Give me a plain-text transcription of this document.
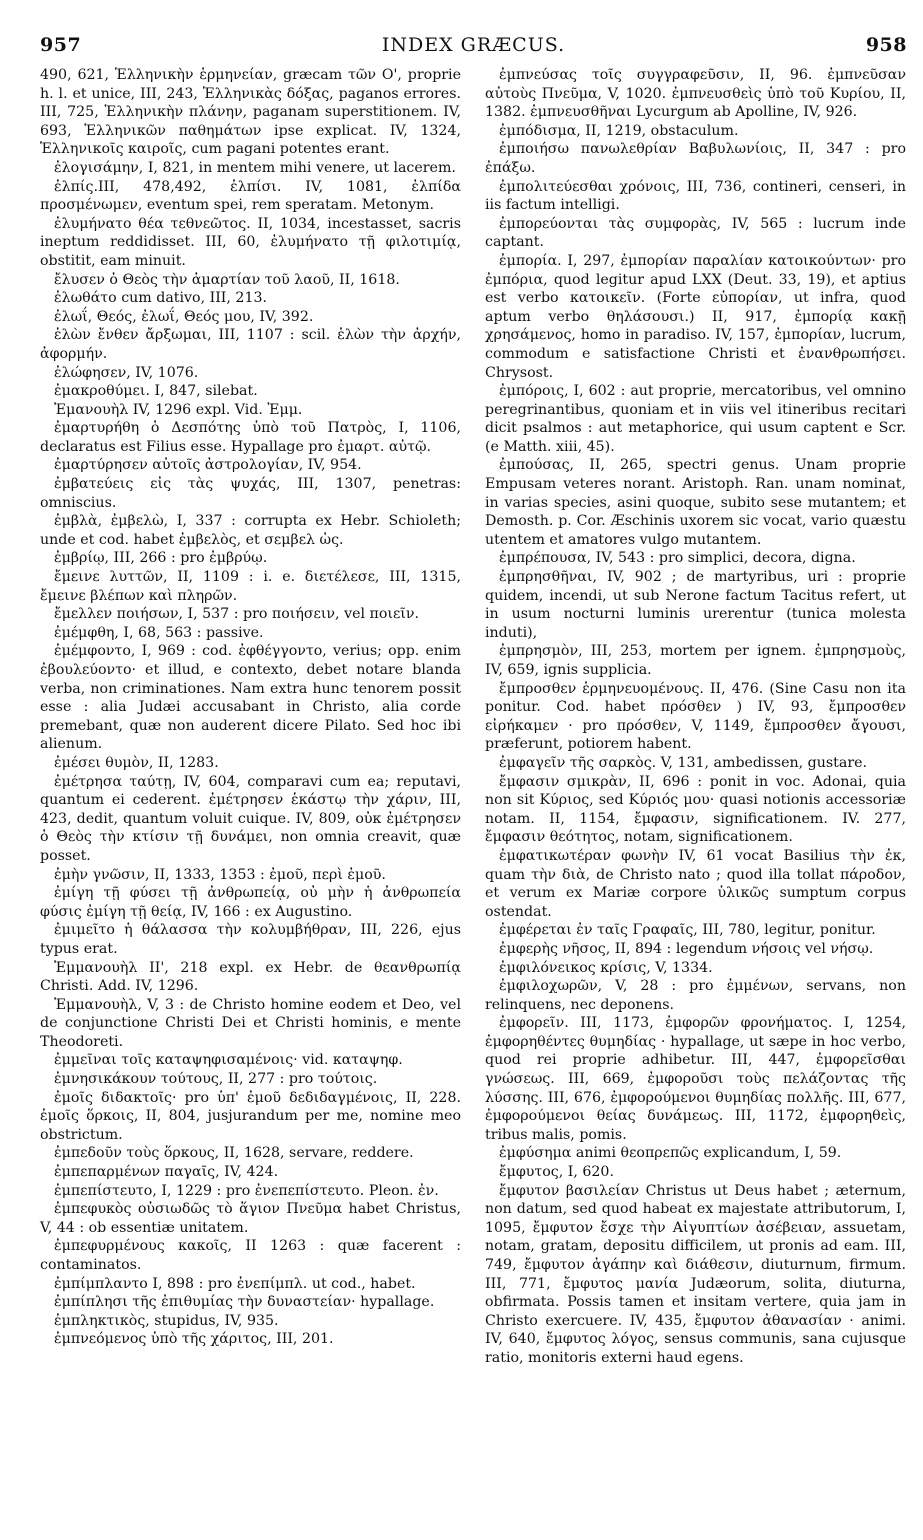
957	INDEX GRÆCUS.	958

490, 621, Ἑλληνικὴν ἑρμηνείαν, græcam τῶν Ο', proprie h. l. et unice, III, 243, Ἑλληνικὰς δόξας, paganos errores. III, 725, Ἑλληνικὴν πλάνην, paganam superstitionem. IV, 693, Ἑλληνικῶν παθημάτων ipse explicat. IV, 1324, Ἑλληνικοῖς καιροῖς, cum pagani potentes erant.

ἐλογισάμην, I, 821, in mentem mihi venere, ut lacerem.

ἐλπίς.III, 478,492, ἐλπίσι. IV, 1081, ἐλπίδα προσμένωμεν, eventum spei, rem speratam. Metonym.

ἐλυμήνατο θέα τεθνεῶτος. II, 1034, incestasset, sacris ineptum reddidisset. III, 60, ἐλυμήνατο τῇ φιλοτιμίᾳ, obstitit, eam minuit.

ἔλυσεν ὁ Θεὸς τὴν ἁμαρτίαν τοῦ λαοῦ, II, 1618.

ἐλωθάτο cum dativo, III, 213.

ἐλωΐ, Θεός, ἐλωΐ, Θεός μου, IV, 392.

ἑλὼν ἔνθεν ἄρξωμαι, III, 1107 : scil. ἑλὼν τὴν ἀρχήν, ἀφορμήν.

ἐλώφησεν, IV, 1076.

ἐμακροθύμει. I, 847, silebat.

Ἐμανουὴλ IV, 1296 expl. Vid. Ἐμμ.

ἐμαρτυρήθη ὁ Δεσπότης ὑπὸ τοῦ Πατρὸς, I, 1106, declaratus est Filius esse. Hypallage pro ἐμαρτ. αὐτῷ.

ἐμαρτύρησεν αὐτοῖς ἀστρολογίαν, IV, 954.

ἐμβατεύεις εἰς τὰς ψυχάς, III, 1307, penetras: omniscius.

ἐμβλὰ, ἐμβελὼ, I, 337 : corrupta ex Hebr. Schioleth; unde et cod. habet ἐμβελὸς, et σεμβελ ὡς.

ἐμβρίῳ, III, 266 : pro ἐμβρύῳ.

ἔμεινε λυττῶν, II, 1109 : i. e. διετέλεσε, III, 1315, ἔμεινε βλέπων καὶ πληρῶν.

ἔμελλεν ποιήσων, I, 537 : pro ποιήσειν, vel ποιεῖν.

ἐμέμφθη, I, 68, 563 : passive.

ἐμέμφοντο, I, 969 : cod. ἐφθέγγοντο, verius; opp. enim ἐβουλεύοντο· et illud, e contexto, debet notare blanda verba, non criminationes. Nam extra hunc tenorem possit esse : alia Judæi accusabant in Christo, alia corde premebant, quæ non auderent dicere Pilato. Sed hoc ibi alienum.

ἐμέσει θυμὸν, II, 1283.

ἐμέτρησα ταύτῃ, IV, 604, comparavi cum ea; reputavi, quantum ei cederent. ἐμέτρησεν ἑκάστῳ τὴν χάριν, III, 423, dedit, quantum voluit cuique. IV, 809, οὐκ ἐμέτρησεν ὁ Θεὸς τὴν κτίσιν τῇ δυνάμει, non omnia creavit, quæ posset.

ἐμὴν γνῶσιν, II, 1333, 1353 : ἐμοῦ, περὶ ἐμοῦ.

ἐμίγη τῇ φύσει τῇ ἀνθρωπείᾳ, οὐ μὴν ἡ ἀνθρωπεία φύσις ἐμίγη τῇ θείᾳ, IV, 166 : ex Augustino.

ἐμιμεῖτο ἡ θάλασσα τὴν κολυμβήθραν, III, 226, ejus typus erat.

Ἐμμανουὴλ II', 218 expl. ex Hebr. de θεανθρωπίᾳ Christi. Add. IV, 1296.

Ἐμμανουὴλ, V, 3 : de Christo homine eodem et Deo, vel de conjunctione Christi Dei et Christi hominis, e mente Theodoreti.

ἐμμεῖναι τοῖς καταψηφισαμένοις· vid. καταψηφ.

ἐμνησικάκουν τούτους, II, 277 : pro τούτοις.

ἐμοῖς διδακτοῖς· pro ὑπ' ἐμοῦ δεδιδαγμένοις, II, 228. ἐμοῖς ὅρκοις, II, 804, jusjurandum per me, nomine meo obstrictum.

ἐμπεδοῦν τοὺς ὅρκους, II, 1628, servare, reddere.

ἐμπεπαρμένων παγαῖς, IV, 424.

ἐμπεπίστευτο, I, 1229 : pro ἐνεπεπίστευτο. Pleon. ἐν.

ἐμπεφυκὸς οὐσιωδῶς τὸ ἅγιον Πνεῦμα habet Christus, V, 44 : ob essentiæ unitatem.

ἐμπεφυρμένους κακοῖς, II 1263 : quæ facerent : contaminatos.

ἐμπίμπλαντο I, 898 : pro ἐνεπίμπλ. ut cod., habet.

ἐμπίπλησι τῆς ἐπιθυμίας τὴν δυναστείαν· hypallage.

ἐμπληκτικὸς, stupidus, IV, 935.

ἐμπνεόμενος ὑπὸ τῆς χάριτος, III, 201.

ἐμπνεύσας τοῖς συγγραφεῦσιν, II, 96. ἐμπνεῦσαν αὐτοὺς Πνεῦμα, V, 1020. ἐμπνευσθεὶς ὑπὸ τοῦ Κυρίου, II, 1382. ἐμπνευσθῆναι Lycurgum ab Apolline, IV, 926.

ἐμπόδισμα, II, 1219, obstaculum.

ἐμποιήσω πανωλεθρίαν Βαβυλωνίοις, II, 347 : pro ἐπάξω.

ἐμπολιτεύεσθαι χρόνοις, III, 736, contineri, censeri, in iis factum intelligi.

ἐμπορεύονται τὰς συμφορὰς, IV, 565 : lucrum inde captant.

ἐμπορία. I, 297, ἐμπορίαν παραλίαν κατοικούντων· pro ἐμπόρια, quod legitur apud LXX (Deut. 33, 19), et aptius est verbo κατοικεῖν. (Forte εὐπορίαν, ut infra, quod aptum verbo θηλάσουσι.) II, 917, ἐμπορίᾳ κακῇ χρησάμενος, homo in paradiso. IV, 157, ἐμπορίαν, lucrum, commodum e satisfactione Christi et ἐνανθρωπήσει. Chrysost.

ἐμπόροις, I, 602 : aut proprie, mercatoribus, vel omnino peregrinantibus, quoniam et in viis vel itineribus recitari dicit psalmos : aut metaphorice, qui usum captent e Scr. (e Matth. xiii, 45).

ἐμπούσας, II, 265, spectri genus. Unam proprie Empusam veteres norant. Aristoph. Ran. unam nominat, in varias species, asini quoque, subito sese mutantem; et Demosth. p. Cor. Æschinis uxorem sic vocat, vario quæstu utentem et amatores vulgo mutantem.

ἐμπρέπουσα, IV, 543 : pro simplici, decora, digna.

ἐμπρησθῆναι, IV, 902 ; de martyribus, uri : proprie quidem, incendi, ut sub Nerone factum Tacitus refert, ut in usum nocturni luminis urerentur (tunica molesta induti),

ἐμπρησμὸν, III, 253, mortem per ignem. ἐμπρησμοὺς, IV, 659, ignis supplicia.

ἔμπροσθεν ἑρμηνευομένους. II, 476. (Sine Casu non ita ponitur. Cod. habet πρόσθεν ) IV, 93, ἔμπροσθεν εἰρήκαμεν · pro πρόσθεν, V, 1149, ἔμπροσθεν ἄγουσι, præferunt, potiorem habent.

ἐμφαγεῖν τῆς σαρκὸς. V, 131, ambedissen, gustare.

ἔμφασιν σμικρὰν, II, 696 : ponit in voc. Adonai, quia non sit Κύριος, sed Κύριός μου· quasi notionis accessoriæ notam. II, 1154, ἔμφασιν, significationem. IV. 277, ἔμφασιν θεότητος, notam, significationem.

ἐμφατικωτέραν φωνὴν IV, 61 vocat Basilius τὴν ἐκ, quam τὴν διὰ, de Christo nato ; quod illa tollat πάροδον, et verum ex Mariæ corpore ὑλικῶς sumptum corpus ostendat.

ἐμφέρεται ἐν ταῖς Γραφαῖς, III, 780, legitur, ponitur.

ἐμφερὴς νῆσος, II, 894 : legendum νήσοις vel νήσῳ.

ἐμφιλόνεικος κρίσις, V, 1334.

ἐμφιλοχωρῶν, V, 28 : pro ἐμμένων, servans, non relinquens, nec deponens.

ἐμφορεῖν. III, 1173, ἐμφορῶν φρονήματος. I, 1254, ἐμφορηθέντες θυμηδίας · hypallage, ut sæpe in hoc verbo, quod rei proprie adhibetur. III, 447, ἐμφορεῖσθαι γνώσεως. III, 669, ἐμφοροῦσι τοὺς πελάζοντας τῆς λύσσης. III, 676, ἐμφορούμενοι θυμηδίας πολλῆς. III, 677, ἐμφορούμενοι θείας δυνάμεως. III, 1172, ἐμφορηθεὶς, tribus malis, pomis.

ἐμφύσημα animi θεοπρεπῶς explicandum, I, 59.

ἔμφυτος, I, 620.

ἔμφυτον βασιλείαν Christus ut Deus habet ; æternum, non datum, sed quod habeat ex majestate attributorum, I, 1095, ἔμφυτον ἔσχε τὴν Αἰγυπτίων ἀσέβειαν, assuetam, notam, gratam, depositu difficilem, ut pronis ad eam. III, 749, ἔμφυτον ἀγάπην καὶ διάθεσιν, diuturnum, firmum. III, 771, ἔμφυτος μανία Judæorum, solita, diuturna, obfirmata. Possis tamen et insitam vertere, quia jam in Christo exercuere. IV, 435, ἔμφυτον ἀθανασίαν · animi. IV, 640, ἔμφυτος λόγος, sensus communis, sana cujusque ratio, monitoris externi haud egens.
